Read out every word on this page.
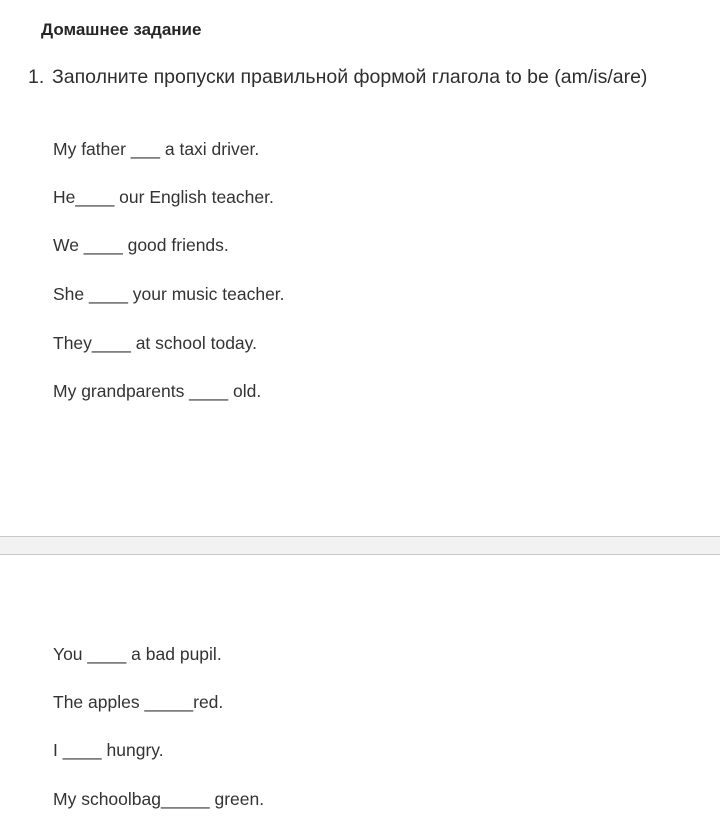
Домашнее задание
1. Заполните пропуски правильной формой глагола to be (am/is/are)
My father ___ a taxi driver.
He____ our English teacher.
We ____ good friends.
She ____ your music teacher.
They____ at school today.
My grandparents ____ old.
You ____ a bad pupil.
The apples _____red.
I ____ hungry.
My schoolbag_____ green.
